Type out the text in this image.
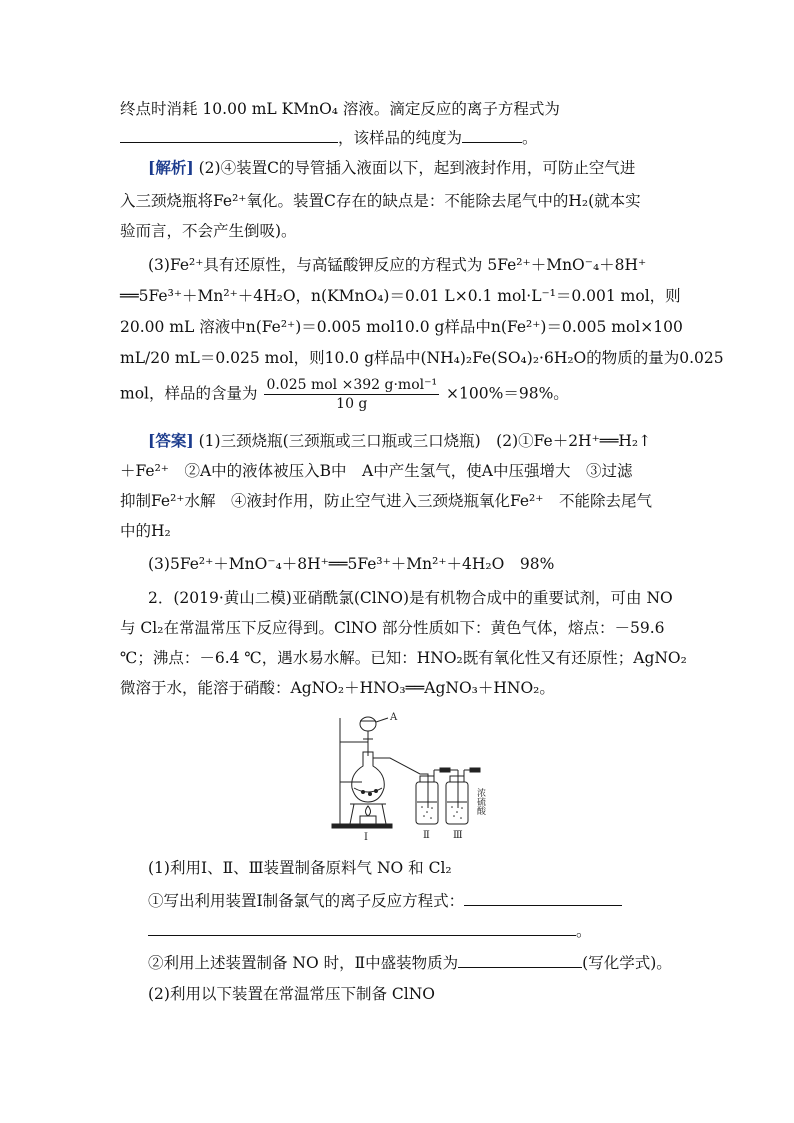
终点时消耗 10.00 mL KMnO₄ 溶液。滴定反应的离子方程式为
，该样品的纯度为	。
[解析] (2)④装置C的导管插入液面以下，起到液封作用，可防止空气进
入三颈烧瓶将Fe²⁺氧化。装置C存在的缺点是：不能除去尾气中的H₂(就本实
验而言，不会产生倒吸)。
(3)Fe²⁺具有还原性，与高锰酸钾反应的方程式为 5Fe²⁺＋MnO⁻₄＋8H⁺
══5Fe³⁺＋Mn²⁺＋4H₂O，n(KMnO₄)＝0.01 L×0.1 mol·L⁻¹＝0.001 mol，则
20.00 mL 溶液中n(Fe²⁺)＝0.005 mol10.0 g样品中n(Fe²⁺)＝0.005 mol×100
mL/20 mL＝0.025 mol，则10.0 g样品中(NH₄)₂Fe(SO₄)₂·6H₂O的物质的量为0.025
mol，样品的含量为 $\frac{\text{0.025 mol ×392 g·mol⁻¹}}{10 g} \times 100\%=98\%$。
[答案] (1)三颈烧瓶(三颈瓶或三口瓶或三口烧瓶)　(2)①Fe＋2H⁺══H₂↑
＋Fe²⁺　②A中的液体被压入B中　A中产生氢气，使A中压强增大　③过滤
抑制Fe²⁺水解　④液封作用，防止空气进入三颈烧瓶氧化Fe²⁺　不能除去尾气
中的H₂
(3)5Fe²⁺＋MnO⁻₄＋8H⁺══5Fe³⁺＋Mn²⁺＋4H₂O　98%
2．(2019·黄山二模)亚硝酰氯(ClNO)是有机物合成中的重要试剂，可由 NO
与 Cl₂在常温常压下反应得到。ClNO 部分性质如下：黄色气体，熔点：－59.6
℃；沸点：－6.4 ℃，遇水易水解。已知：HNO₂既有氧化性又有还原性；AgNO₂
微溶于水，能溶于硝酸：AgNO₂＋HNO₃══AgNO₃＋HNO₂。
A
Ⅰ	Ⅱ Ⅲ
浓硫酸
(1)利用Ⅰ、Ⅱ、Ⅲ装置制备原料气 NO 和 Cl₂
①写出利用装置Ⅰ制备氯气的离子反应方程式：
。
②利用上述装置制备 NO 时，Ⅱ中盛装物质为	(写化学式)。
(2)利用以下装置在常温常压下制备 ClNO
